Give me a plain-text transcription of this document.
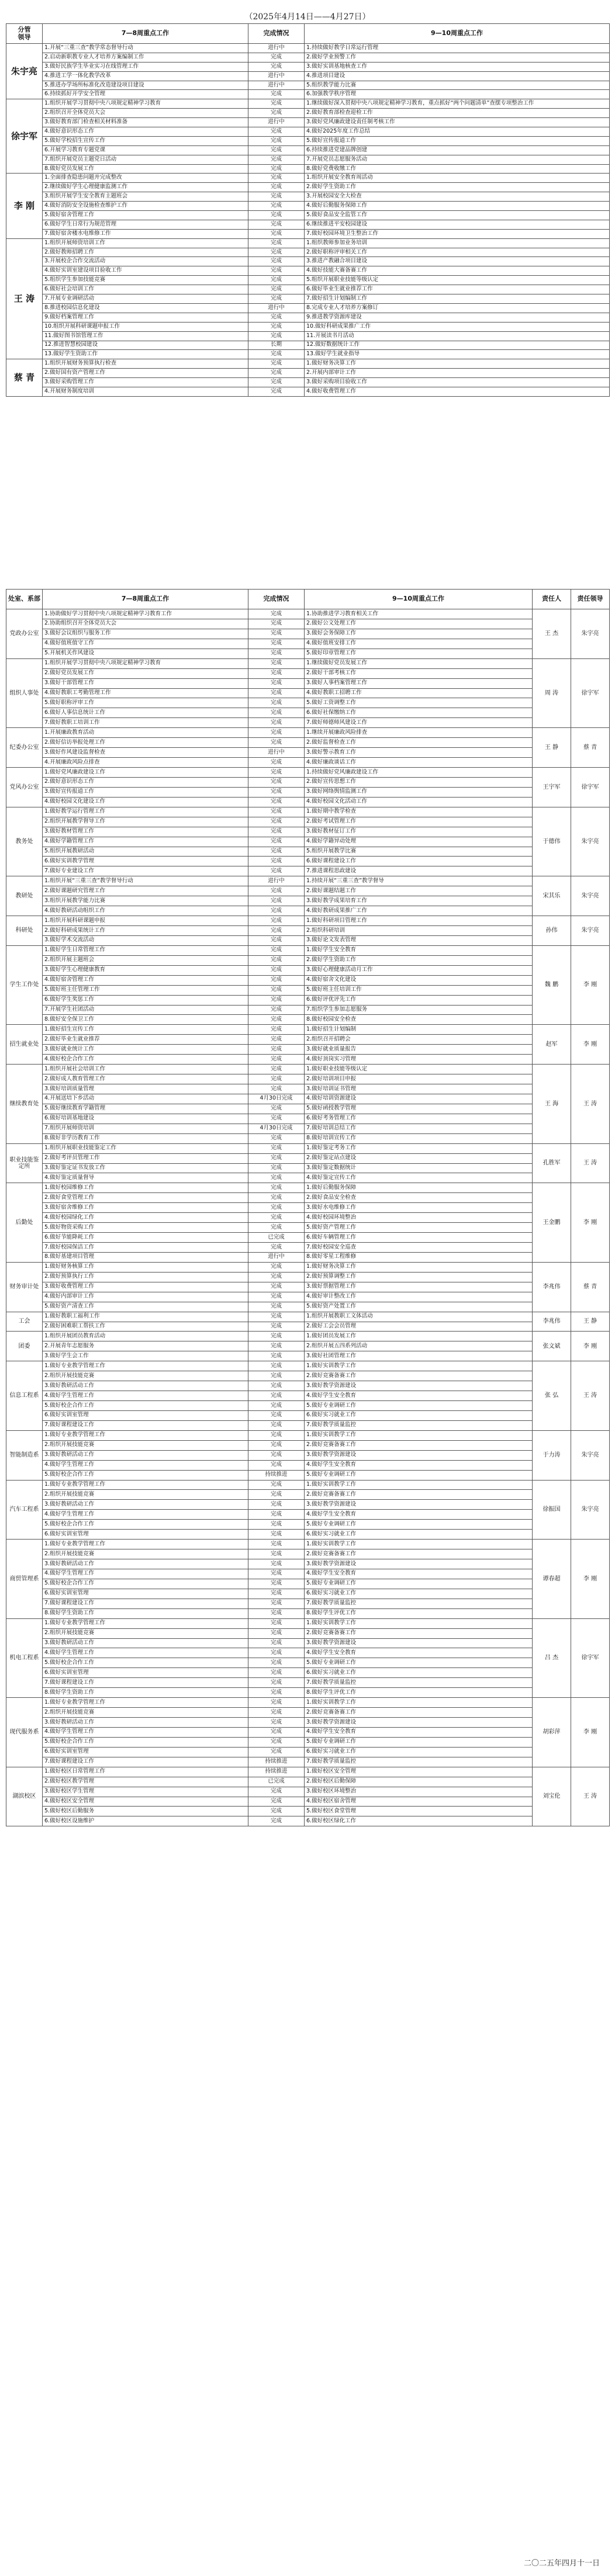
（2025年4月14日——4月27日）
分管
领导	7—8周重点工作	完成情况	9—10周重点工作
朱宇亮	1.开展“三重三查”教学常态督导行动	进行中	1.持续做好教学日常运行管理
	2.启动新职教专业人才培养方案编制工作	完成	2.做好学业预警工作
	3.做好民族学生毕业实习在线管理工作	完成	3.做好实训基地核查工作
	4.推进工学一体化教学改革	进行中	4.推进项目建设
	5.推进办学场所标准化改造建设项目建设	进行中	5.组织教学能力比赛
	6.持续抓好开学安全管理	完成	6.加强教学秩序管理
徐宇军	1.组织开展学习贯彻中央八项规定精神学习教育	完成	1.继续做好深入贯彻中央八项规定精神学习教育，重点抓好“两个问题清单”查摆专项整治工作
	2.组织召开全体党员大会	完成	2.做好教育部检查迎检工作
	3.做好教育部门检查相关材料准备	进行中	3.做好党风廉政建设责任制考核工作
	4.做好意识形态工作	完成	4.做好2025年度工作总结
	5.做好学校招生宣传工作	完成	5.做好宣传报道工作
	6.开展学习教育专题党课	完成	6.持续推进党建品牌创建
	7.组织开展党员主题党日活动	完成	7.开展党员志愿服务活动
	8.做好党员发展工作	完成	8.做好党费收缴工作
李 刚	1.全面排查隐患问题并完成整改	完成	1.组织开展安全教育周活动
	2.继续做好学生心理健康监测工作	完成	2.做好学生资助工作
	3.组织开展学生安全教育主题班会	完成	3.开展校园安全大检查
	4.做好消防安全设施检查维护工作	完成	4.做好后勤服务保障工作
	5.做好宿舍管理工作	完成	5.做好食品安全监管工作
	6.做好学生日常行为规范管理	完成	6.继续推进平安校园建设
	7.做好宿舍楼水电维修工作	完成	7.做好校园环境卫生整治工作
王 涛	1.组织开展师资培训工作	完成	1.组织教师参加业务培训
	2.做好教师招聘工作	完成	2.做好职称评审相关工作
	3.开展校企合作交流活动	完成	3.推进产教融合项目建设
	4.做好实训室建设项目验收工作	完成	4.做好技能大赛备赛工作
	5.组织学生参加技能竞赛	完成	5.组织开展职业技能等级认定
	6.做好社会培训工作	完成	6.做好毕业生就业推荐工作
	7.开展专业调研活动	完成	7.做好招生计划编制工作
	8.推进校园信息化建设	进行中	8.完成专业人才培养方案修订
	9.做好档案管理工作	完成	9.推进教学资源库建设
	10.组织开展科研课题申报工作	完成	10.做好科研成果推广工作
	11.做好图书馆管理工作	完成	11.开展读书月活动
	12.推进智慧校园建设	长期	12.做好数据统计工作
	13.做好学生资助工作	完成	13.做好学生就业指导
蔡 青	1.组织开展财务预算执行检查	完成	1.做好财务决算工作
	2.做好国有资产管理工作	完成	2.开展内部审计工作
	3.做好采购管理工作	完成	3.做好采购项目验收工作
	4.开展财务制度培训	完成	4.做好收费管理工作
处室、系部	7—8周重点工作	完成情况	9—10周重点工作	责任人	责任领导
党政办公室	1.协助做好学习贯彻中央八项规定精神学习教育工作	完成	1.协助推进学习教育相关工作	王 杰	朱宇亮
	2.协助组织召开全体党员大会	完成	2.做好公文处理工作		
	3.做好会议组织与服务工作	完成	3.做好会务保障工作		
	4.做好值班值守工作	完成	4.做好值班安排工作		
	5.开展机关作风建设	完成	5.做好印章管理工作		
组织人事处	1.组织开展学习贯彻中央八项规定精神学习教育	完成	1.继续做好党员发展工作	周 涛	徐宇军
	2.做好党员发展工作	完成	2.做好干部考核工作		
	3.做好干部管理工作	完成	3.做好人事档案管理工作		
	4.做好教职工考勤管理工作	完成	4.做好教职工招聘工作		
	5.做好职称评审工作	完成	5.做好工资调整工作		
	6.做好人事信息统计工作	完成	6.做好社保缴纳工作		
	7.做好教职工培训工作	完成	7.做好师德师风建设工作		
纪委办公室	1.开展廉政教育活动	完成	1.继续开展廉政风险排查	王 静	蔡 青
	2.做好信访举报处理工作	完成	2.做好监督检查工作		
	3.做好作风建设监督检查	进行中	3.做好警示教育工作		
	4.开展廉政风险点排查	完成	4.做好廉政谈话工作		
党风办公室	1.做好党风廉政建设工作	完成	1.持续做好党风廉政建设工作	王宇军	徐宇军
	2.做好意识形态工作	完成	2.做好宣传思想工作		
	3.做好宣传报道工作	完成	3.做好网络舆情监测工作		
	4.做好校园文化建设工作	完成	4.做好校园文化活动工作		
教务处	1.做好教学运行管理工作	完成	1.做好期中教学检查	于德伟	朱宇亮
	2.组织开展教学督导工作	完成	2.做好考试管理工作		
	3.做好教材管理工作	完成	3.做好教材征订工作		
	4.做好学籍管理工作	完成	4.做好学籍异动处理		
	5.组织开展教研活动	完成	5.组织开展教学比赛		
	6.做好实训教学管理	完成	6.做好课程建设工作		
	7.做好专业建设工作	完成	7.推进课程思政建设		
教研处	1.组织开展“三重三查”教学督导行动	进行中	1.持续开展“三重三查”教学督导	宋其乐	朱宇亮
	2.做好课题研究管理工作	完成	2.做好课题结题工作		
	3.组织开展教学能力比赛	完成	3.做好教学成果培育工作		
	4.做好教研活动组织工作	完成	4.做好教研成果推广工作		
科研处	1.组织开展科研课题申报	完成	1.做好科研项目管理工作	孙伟	朱宇亮
	2.做好科研成果统计工作	完成	2.组织科研培训		
	3.做好学术交流活动	完成	3.做好论文发表管理		
学生工作处	1.做好学生日常管理工作	完成	1.做好学生安全教育	魏 鹏	李 刚
	2.组织开展主题班会	完成	2.做好学生资助工作		
	3.做好学生心理健康教育	完成	3.做好心理健康活动月工作		
	4.做好宿舍管理工作	完成	4.做好宿舍文化建设		
	5.做好班主任管理工作	完成	5.做好班主任培训工作		
	6.做好学生奖惩工作	完成	6.做好评优评先工作		
	7.开展学生社团活动	完成	7.组织学生参加志愿服务		
	8.做好安全保卫工作	完成	8.做好校园安全检查		
招生就业处	1.做好招生宣传工作	完成	1.做好招生计划编制	赵军	李 刚
	2.做好毕业生就业推荐	完成	2.组织召开招聘会		
	3.做好就业统计工作	完成	3.做好就业质量报告		
	4.做好校企合作工作	完成	4.做好顶岗实习管理		
继续教育处	1.组织开展社会培训工作	完成	1.做好职业技能等级认定	王 海	王 涛
	2.做好成人教育管理工作	完成	2.做好培训项目申报		
	3.做好培训质量管理	完成	3.做好培训证书管理		
	4.开展送培下乡活动	4月30日完成	4.做好培训资源建设		
	5.做好继续教育学籍管理	完成	5.做好函授教学管理		
	6.做好培训基地建设	完成	6.做好考务管理工作		
	7.组织开展师资培训	4月30日完成	7.做好培训总结工作		
	8.做好非学历教育工作	完成	8.做好培训宣传工作		
职业技能鉴定所	1.组织开展职业技能鉴定工作	完成	1.做好鉴定考务工作	孔胜军	王 涛
	2.做好考评员管理工作	完成	2.做好鉴定站点建设		
	3.做好鉴定证书发放工作	完成	3.做好鉴定数据统计		
	4.做好鉴定质量督导	完成	4.做好鉴定宣传工作		
后勤处	1.做好校园维修工作	完成	1.做好后勤服务保障	王金鹏	李 刚
	2.做好食堂管理工作	完成	2.做好食品安全检查		
	3.做好宿舍维修工作	完成	3.做好水电维修工作		
	4.做好校园绿化工作	完成	4.做好校园环境整治		
	5.做好物资采购工作	完成	5.做好资产管理工作		
	6.做好节能降耗工作	已完成	6.做好车辆管理工作		
	7.做好校园保洁工作	完成	7.做好校园安全巡查		
	8.做好基建项目管理	进行中	8.做好零星工程维修		
财务审计处	1.做好财务核算工作	完成	1.做好财务决算工作	李兆伟	蔡 青
	2.做好预算执行工作	完成	2.做好预算调整工作		
	3.做好收费管理工作	完成	3.做好票据管理工作		
	4.做好内部审计工作	完成	4.做好审计整改工作		
	5.做好资产清查工作	完成	5.做好资产处置工作		
工会	1.做好教职工福利工作	完成	1.组织开展教职工文体活动	李兆伟	王 静
	2.做好困难职工帮扶工作	完成	2.做好工会会员管理		
团委	1.组织开展团员教育活动	完成	1.做好团员发展工作	张文斌	李 刚
	2.开展青年志愿服务	完成	2.组织开展五四系列活动		
	3.做好学生会工作	完成	3.做好社团管理工作		
信息工程系	1.做好专业教学管理工作	完成	1.做好实训教学工作	张 弘	王 涛
	2.组织开展技能竞赛	完成	2.做好竞赛备赛工作		
	3.做好教研活动工作	完成	3.做好教学资源建设		
	4.做好学生管理工作	完成	4.做好学生安全教育		
	5.做好校企合作工作	完成	5.做好专业调研工作		
	6.做好实训室管理	完成	6.做好实习就业工作		
	7.做好课程建设工作	完成	7.做好教学质量监控		
智能制造系	1.做好专业教学管理工作	完成	1.做好实训教学工作	于力涛	朱宇亮
	2.组织开展技能竞赛	完成	2.做好竞赛备赛工作		
	3.做好教研活动工作	完成	3.做好教学资源建设		
	4.做好学生管理工作	完成	4.做好学生安全教育		
	5.做好校企合作工作	持续推进	5.做好专业调研工作		
汽车工程系	1.做好专业教学管理工作	完成	1.做好实训教学工作	徐振国	朱宇亮
	2.组织开展技能竞赛	完成	2.做好竞赛备赛工作		
	3.做好教研活动工作	完成	3.做好教学资源建设		
	4.做好学生管理工作	完成	4.做好学生安全教育		
	5.做好校企合作工作	完成	5.做好专业调研工作		
	6.做好实训室管理	完成	6.做好实习就业工作		
商贸管理系	1.做好专业教学管理工作	完成	1.做好实训教学工作	谭春超	李 刚
	2.组织开展技能竞赛	完成	2.做好竞赛备赛工作		
	3.做好教研活动工作	完成	3.做好教学资源建设		
	4.做好学生管理工作	完成	4.做好学生安全教育		
	5.做好校企合作工作	完成	5.做好专业调研工作		
	6.做好实训室管理	完成	6.做好实习就业工作		
	7.做好课程建设工作	完成	7.做好教学质量监控		
	8.做好学生资助工作	完成	8.做好学生评优工作		
机电工程系	1.做好专业教学管理工作	完成	1.做好实训教学工作	吕 杰	徐宇军
	2.组织开展技能竞赛	完成	2.做好竞赛备赛工作		
	3.做好教研活动工作	完成	3.做好教学资源建设		
	4.做好学生管理工作	完成	4.做好学生安全教育		
	5.做好校企合作工作	完成	5.做好专业调研工作		
	6.做好实训室管理	完成	6.做好实习就业工作		
	7.做好课程建设工作	完成	7.做好教学质量监控		
	8.做好学生资助工作	完成	8.做好学生评优工作		
现代服务系	1.做好专业教学管理工作	完成	1.做好实训教学工作	胡彩萍	李 刚
	2.组织开展技能竞赛	完成	2.做好竞赛备赛工作		
	3.做好教研活动工作	完成	3.做好教学资源建设		
	4.做好学生管理工作	完成	4.做好学生安全教育		
	5.做好校企合作工作	完成	5.做好专业调研工作		
	6.做好实训室管理	完成	6.做好实习就业工作		
	7.做好课程建设工作	持续推进	7.做好教学质量监控		
湖滨校区	1.做好校区日常管理工作	持续推进	1.做好校区安全管理	刘宝伦	王 涛
	2.做好校区教学管理	已完成	2.做好校区后勤保障		
	3.做好校区学生管理	完成	3.做好校区环境整治		
	4.做好校区安全管理	完成	4.做好校区宿舍管理		
	5.做好校区后勤服务	完成	5.做好校区食堂管理		
	6.做好校区设施维护	完成	6.做好校区绿化工作		
二〇二五年四月十一日
